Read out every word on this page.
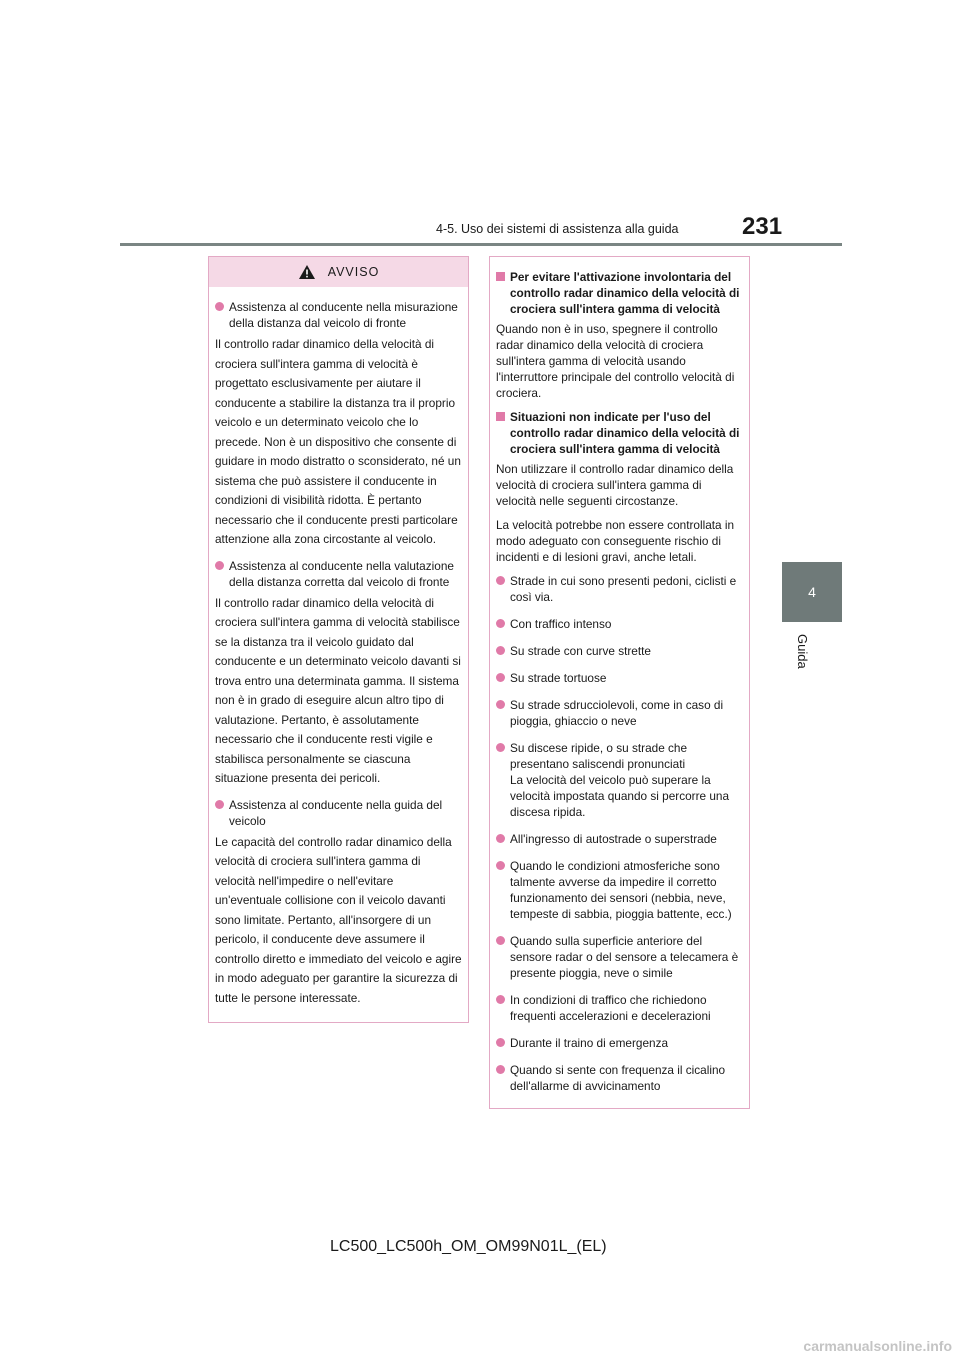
4-5. Uso dei sistemi di assistenza alla guida	231
4
Guida
AVVISO
Assistenza al conducente nella misurazione della distanza dal veicolo di fronte

Il controllo radar dinamico della velocità di crociera sull'intera gamma di velocità è progettato esclusivamente per aiutare il conducente a stabilire la distanza tra il proprio veicolo e un determinato veicolo che lo precede. Non è un dispositivo che consente di guidare in modo distratto o sconsiderato, né un sistema che può assistere il conducente in condizioni di visibilità ridotta. È pertanto necessario che il conducente presti particolare attenzione alla zona circostante al veicolo.

Assistenza al conducente nella valutazione della distanza corretta dal veicolo di fronte

Il controllo radar dinamico della velocità di crociera sull'intera gamma di velocità stabilisce se la distanza tra il veicolo guidato dal conducente e un determinato veicolo davanti si trova entro una determinata gamma. Il sistema non è in grado di eseguire alcun altro tipo di valutazione. Pertanto, è assolutamente necessario che il conducente resti vigile e stabilisca personalmente se ciascuna situazione presenta dei pericoli.

Assistenza al conducente nella guida del veicolo

Le capacità del controllo radar dinamico della velocità di crociera sull'intera gamma di velocità nell'impedire o nell'evitare un'eventuale collisione con il veicolo davanti sono limitate. Pertanto, all'insorgere di un pericolo, il conducente deve assumere il controllo diretto e immediato del veicolo e agire in modo adeguato per garantire la sicurezza di tutte le persone interessate.

Per evitare l'attivazione involontaria del controllo radar dinamico della velocità di crociera sull'intera gamma di velocità

Quando non è in uso, spegnere il controllo radar dinamico della velocità di crociera sull'intera gamma di velocità usando l'interruttore principale del controllo velocità di crociera.

Situazioni non indicate per l'uso del controllo radar dinamico della velocità di crociera sull'intera gamma di velocità

Non utilizzare il controllo radar dinamico della velocità di crociera sull'intera gamma di velocità nelle seguenti circostanze.

La velocità potrebbe non essere controllata in modo adeguato con conseguente rischio di incidenti e di lesioni gravi, anche letali.

Strade in cui sono presenti pedoni, ciclisti e così via.
Con traffico intenso
Su strade con curve strette
Su strade tortuose
Su strade sdrucciolevoli, come in caso di pioggia, ghiaccio o neve
Su discese ripide, o su strade che presentano saliscendi pronunciati
La velocità del veicolo può superare la velocità impostata quando si percorre una discesa ripida.
All'ingresso di autostrade o superstrade
Quando le condizioni atmosferiche sono talmente avverse da impedire il corretto funzionamento dei sensori (nebbia, neve, tempeste di sabbia, pioggia battente, ecc.)
Quando sulla superficie anteriore del sensore radar o del sensore a telecamera è presente pioggia, neve o simile
In condizioni di traffico che richiedono frequenti accelerazioni e decelerazioni
Durante il traino di emergenza
Quando si sente con frequenza il cicalino dell'allarme di avvicinamento
LC500_LC500h_OM_OM99N01L_(EL)
carmanualsonline.info
